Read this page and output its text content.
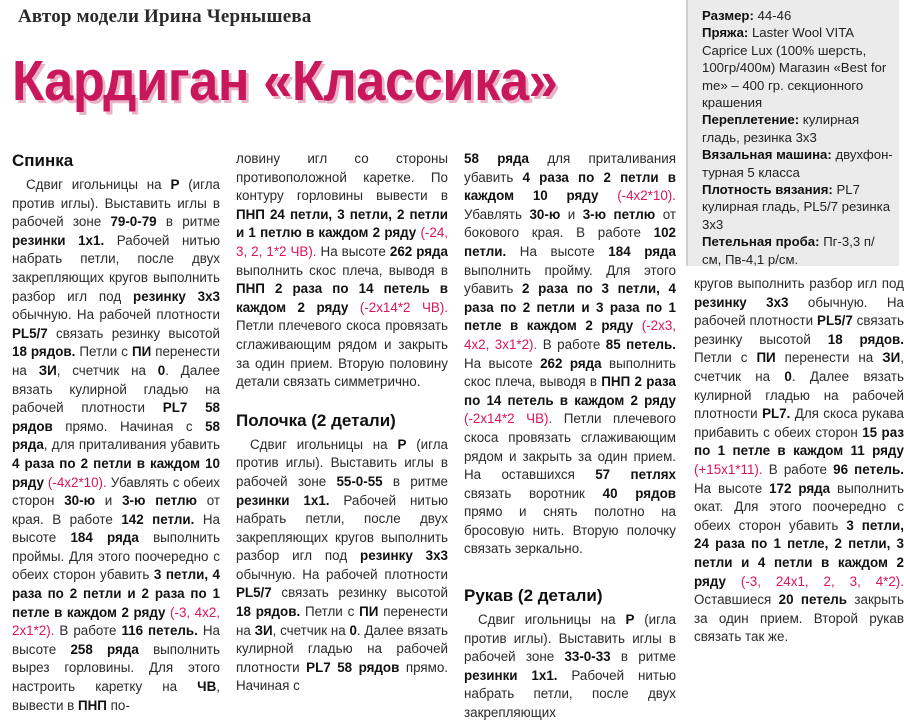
Автор модели Ирина Чернышева
Кардиган «Классика»
Размер: 44-46
Пряжа: Laster Wool VITA Caprice Lux (100% шерсть, 100гр/400м) Магазин «Best for me» – 400 гр. секционного крашения
Переплетение: кулирная гладь, резинка 3х3
Вязальная машина: двухфон-турная 5 класса
Плотность вязания: PL7 кулирная гладь, PL5/7 резинка 3х3
Петельная проба: Пг-3,3 п/см, Пв-4,1 р/см.
Спинка

Сдвиг игольницы на Р (игла против иглы). Выставить иглы в рабочей зоне 79-0-79 в ритме резинки 1х1. Рабочей нитью набрать петли, после двух закрепляющих кругов выполнить разбор игл под резинку 3х3 обычную. На рабочей плотности PL5/7 связать резинку высотой 18 рядов. Петли с ПИ перенести на ЗИ, счетчик на 0. Далее вязать кулирной гладью на рабочей плотности PL7 58 рядов прямо. Начиная с 58 ряда, для приталивания убавить 4 раза по 2 петли в каждом 10 ряду (-4х2*10). Убавлять с обеих сторон 30-ю и 3-ю петлю от края. В работе 142 петли. На высоте 184 ряда выполнить проймы. Для этого поочередно с обеих сторон убавить 3 петли, 4 раза по 2 петли и 2 раза по 1 петле в каждом 2 ряду (-3, 4х2, 2х1*2). В работе 116 петель. На высоте 258 ряда выполнить вырез горловины. Для этого настроить каретку на ЧВ, вывести в ПНП по-

ловину игл со стороны противоположной каретке. По контуру горловины вывести в ПНП 24 петли, 3 петли, 2 петли и 1 петлю в каждом 2 ряду (-24, 3, 2, 1*2 ЧВ). На высоте 262 ряда выполнить скос плеча, выводя в ПНП 2 раза по 14 петель в каждом 2 ряду (-2х14*2 ЧВ). Петли плечевого скоса провязать сглаживающим рядом и закрыть за один прием. Вторую половину детали связать симметрично.

Полочка (2 детали)

Сдвиг игольницы на Р (игла против иглы). Выставить иглы в рабочей зоне 55-0-55 в ритме резинки 1х1. Рабочей нитью набрать петли, после двух закрепляющих кругов выполнить разбор игл под резинку 3х3 обычную. На рабочей плотности PL5/7 связать резинку высотой 18 рядов. Петли с ПИ перенести на ЗИ, счетчик на 0. Далее вязать кулирной гладью на рабочей плотности PL7 58 рядов прямо. Начиная с

58 ряда для приталивания убавить 4 раза по 2 петли в каждом 10 ряду (-4х2*10). Убавлять 30-ю и 3-ю петлю от бокового края. В работе 102 петли. На высоте 184 ряда выполнить пройму. Для этого убавить 2 раза по 3 петли, 4 раза по 2 петли и 3 раза по 1 петле в каждом 2 ряду (-2х3, 4х2, 3х1*2). В работе 85 петель. На высоте 262 ряда выполнить скос плеча, выводя в ПНП 2 раза по 14 петель в каждом 2 ряду (-2х14*2 ЧВ). Петли плечевого скоса провязать сглаживающим рядом и закрыть за один прием. На оставшихся 57 петлях связать воротник 40 рядов прямо и снять полотно на бросовую нить. Вторую полочку связать зеркально.

Рукав (2 детали)

Сдвиг игольницы на Р (игла против иглы). Выставить иглы в рабочей зоне 33-0-33 в ритме резинки 1х1. Рабочей нитью набрать петли, после двух закрепляющих

кругов выполнить разбор игл под резинку 3х3 обычную. На рабочей плотности PL5/7 связать резинку высотой 18 рядов. Петли с ПИ перенести на ЗИ, счетчик на 0. Далее вязать кулирной гладью на рабочей плотности PL7. Для скоса рукава прибавить с обеих сторон 15 раз по 1 петле в каждом 11 ряду (+15х1*11). В работе 96 петель. На высоте 172 ряда выполнить окат. Для этого поочередно с обеих сторон убавить 3 петли, 24 раза по 1 петле, 2 петли, 3 петли и 4 петли в каждом 2 ряду (-3, 24х1, 2, 3, 4*2). Оставшиеся 20 петель закрыть за один прием. Второй рукав связать так же.
